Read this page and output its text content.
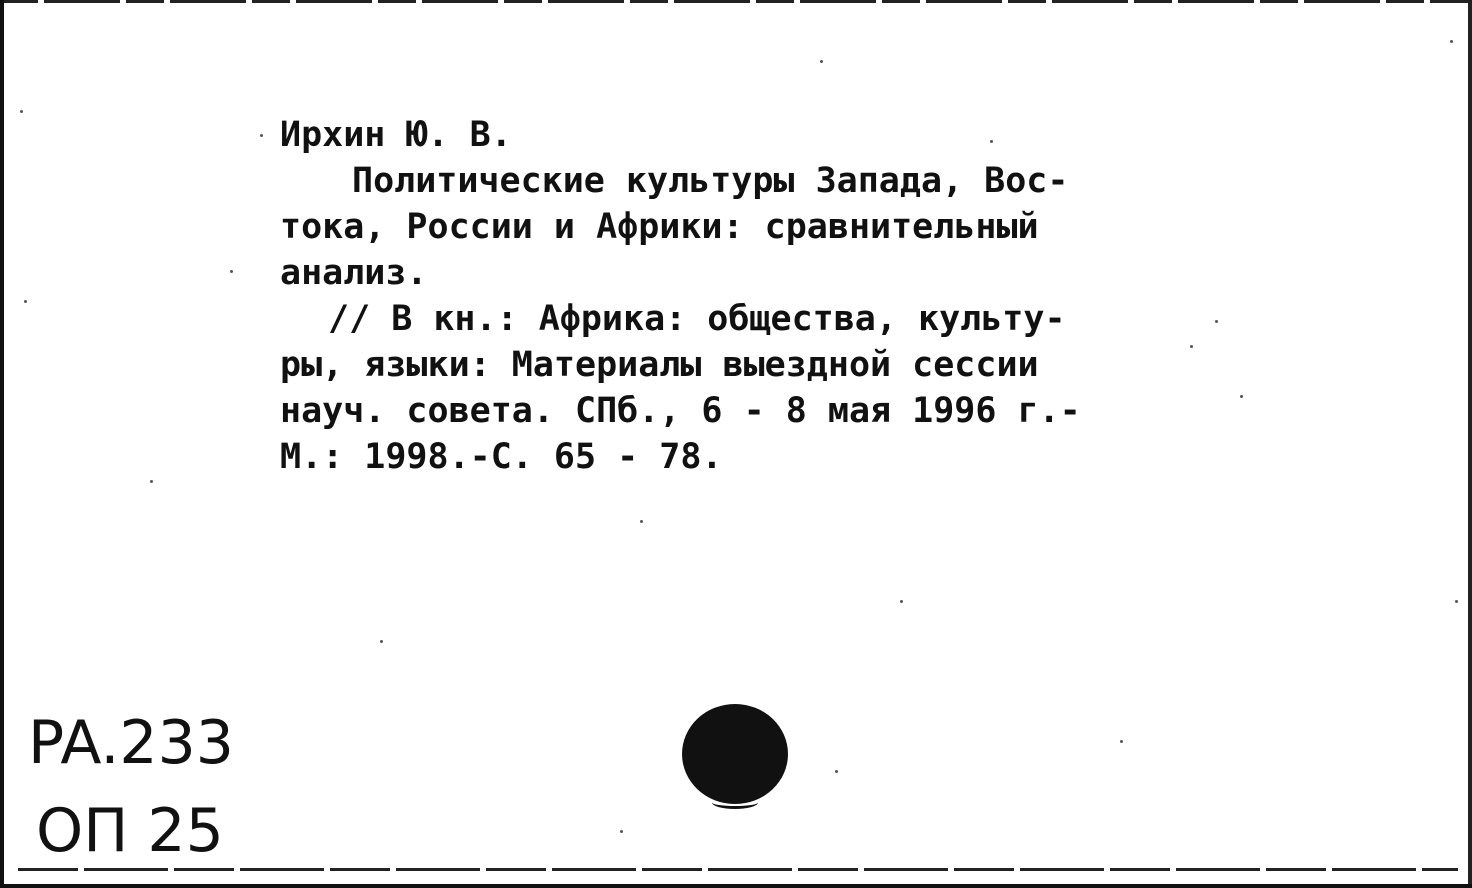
Ирхин Ю. В.
Политические культуры Запада, Вос-
тока, России и Африки: сравнительный
анализ.
// В кн.: Африка: общества, культу-
ры, языки: Материалы выездной сессии
науч. совета. СПб., 6 - 8 мая 1996 г.-
М.: 1998.-С. 65 - 78.
PA.233
ОП 25
